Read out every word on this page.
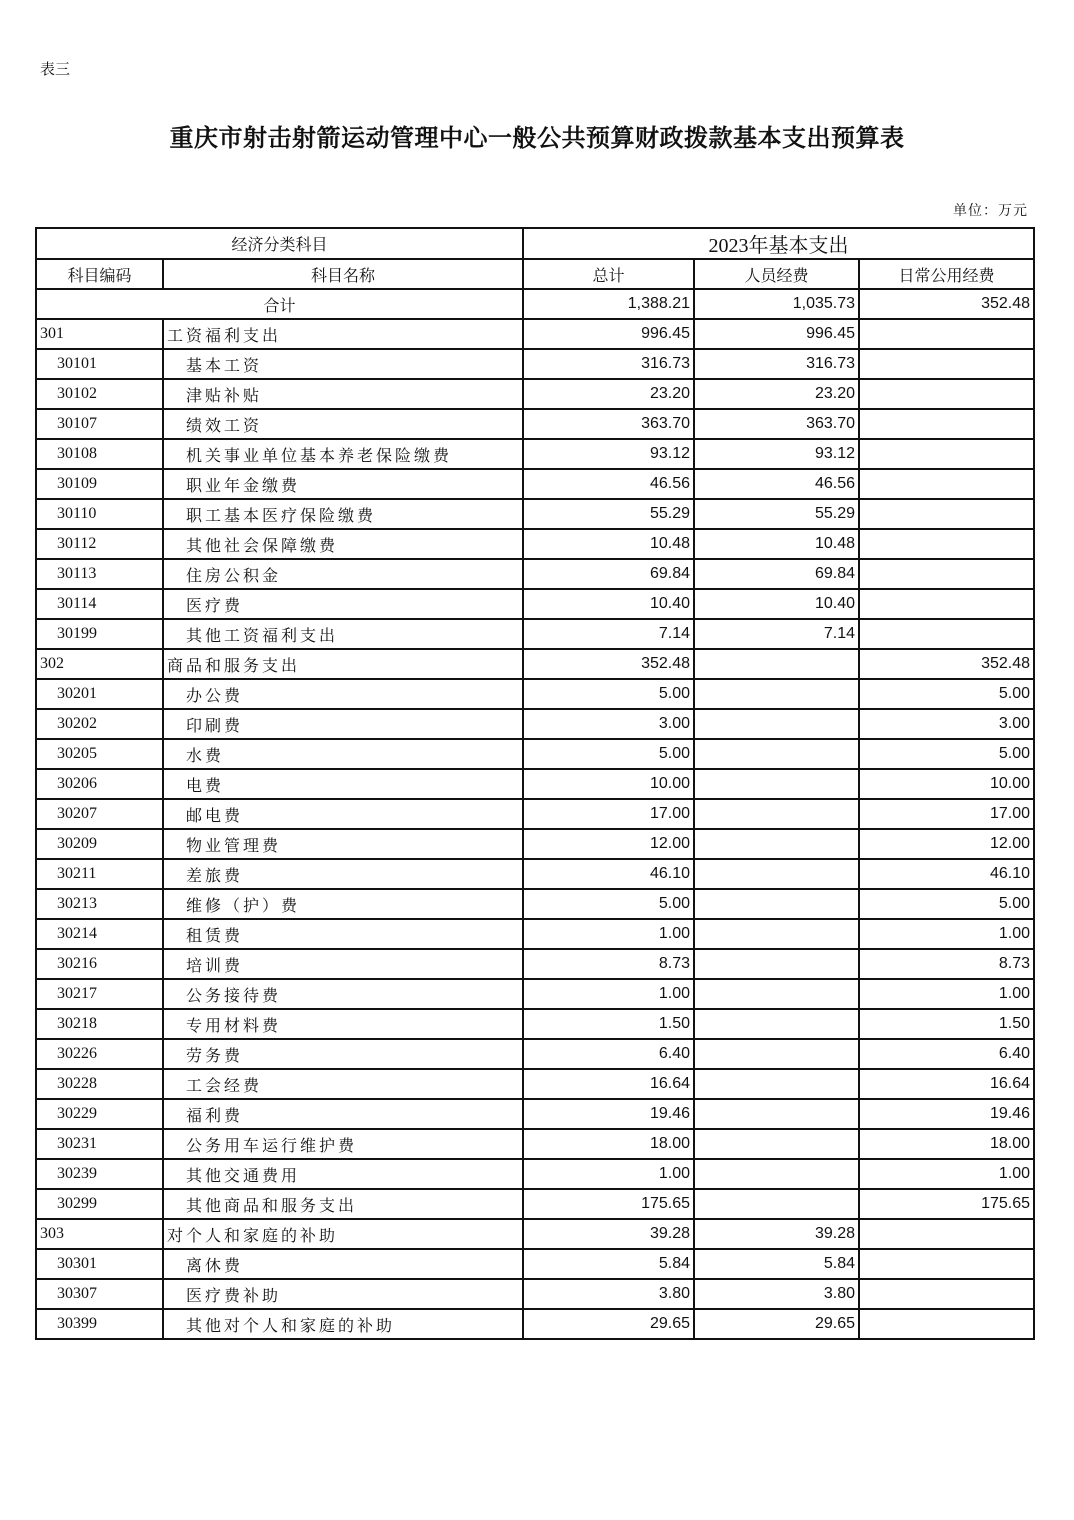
表三
重庆市射击射箭运动管理中心一般公共预算财政拨款基本支出预算表
单位：万元
经济分类科目		2023年基本支出		
科目编码	科目名称	总计	人员经费	日常公用经费
合计		1,388.21	1,035.73	352.48
301	工资福利支出	996.45	996.45	
30101	基本工资	316.73	316.73	
30102	津贴补贴	23.20	23.20	
30107	绩效工资	363.70	363.70	
30108	机关事业单位基本养老保险缴费	93.12	93.12	
30109	职业年金缴费	46.56	46.56	
30110	职工基本医疗保险缴费	55.29	55.29	
30112	其他社会保障缴费	10.48	10.48	
30113	住房公积金	69.84	69.84	
30114	医疗费	10.40	10.40	
30199	其他工资福利支出	7.14	7.14	
302	商品和服务支出	352.48		352.48
30201	办公费	5.00		5.00
30202	印刷费	3.00		3.00
30205	水费	5.00		5.00
30206	电费	10.00		10.00
30207	邮电费	17.00		17.00
30209	物业管理费	12.00		12.00
30211	差旅费	46.10		46.10
30213	维修（护）费	5.00		5.00
30214	租赁费	1.00		1.00
30216	培训费	8.73		8.73
30217	公务接待费	1.00		1.00
30218	专用材料费	1.50		1.50
30226	劳务费	6.40		6.40
30228	工会经费	16.64		16.64
30229	福利费	19.46		19.46
30231	公务用车运行维护费	18.00		18.00
30239	其他交通费用	1.00		1.00
30299	其他商品和服务支出	175.65		175.65
303	对个人和家庭的补助	39.28	39.28	
30301	离休费	5.84	5.84	
30307	医疗费补助	3.80	3.80	
30399	其他对个人和家庭的补助	29.65	29.65	
